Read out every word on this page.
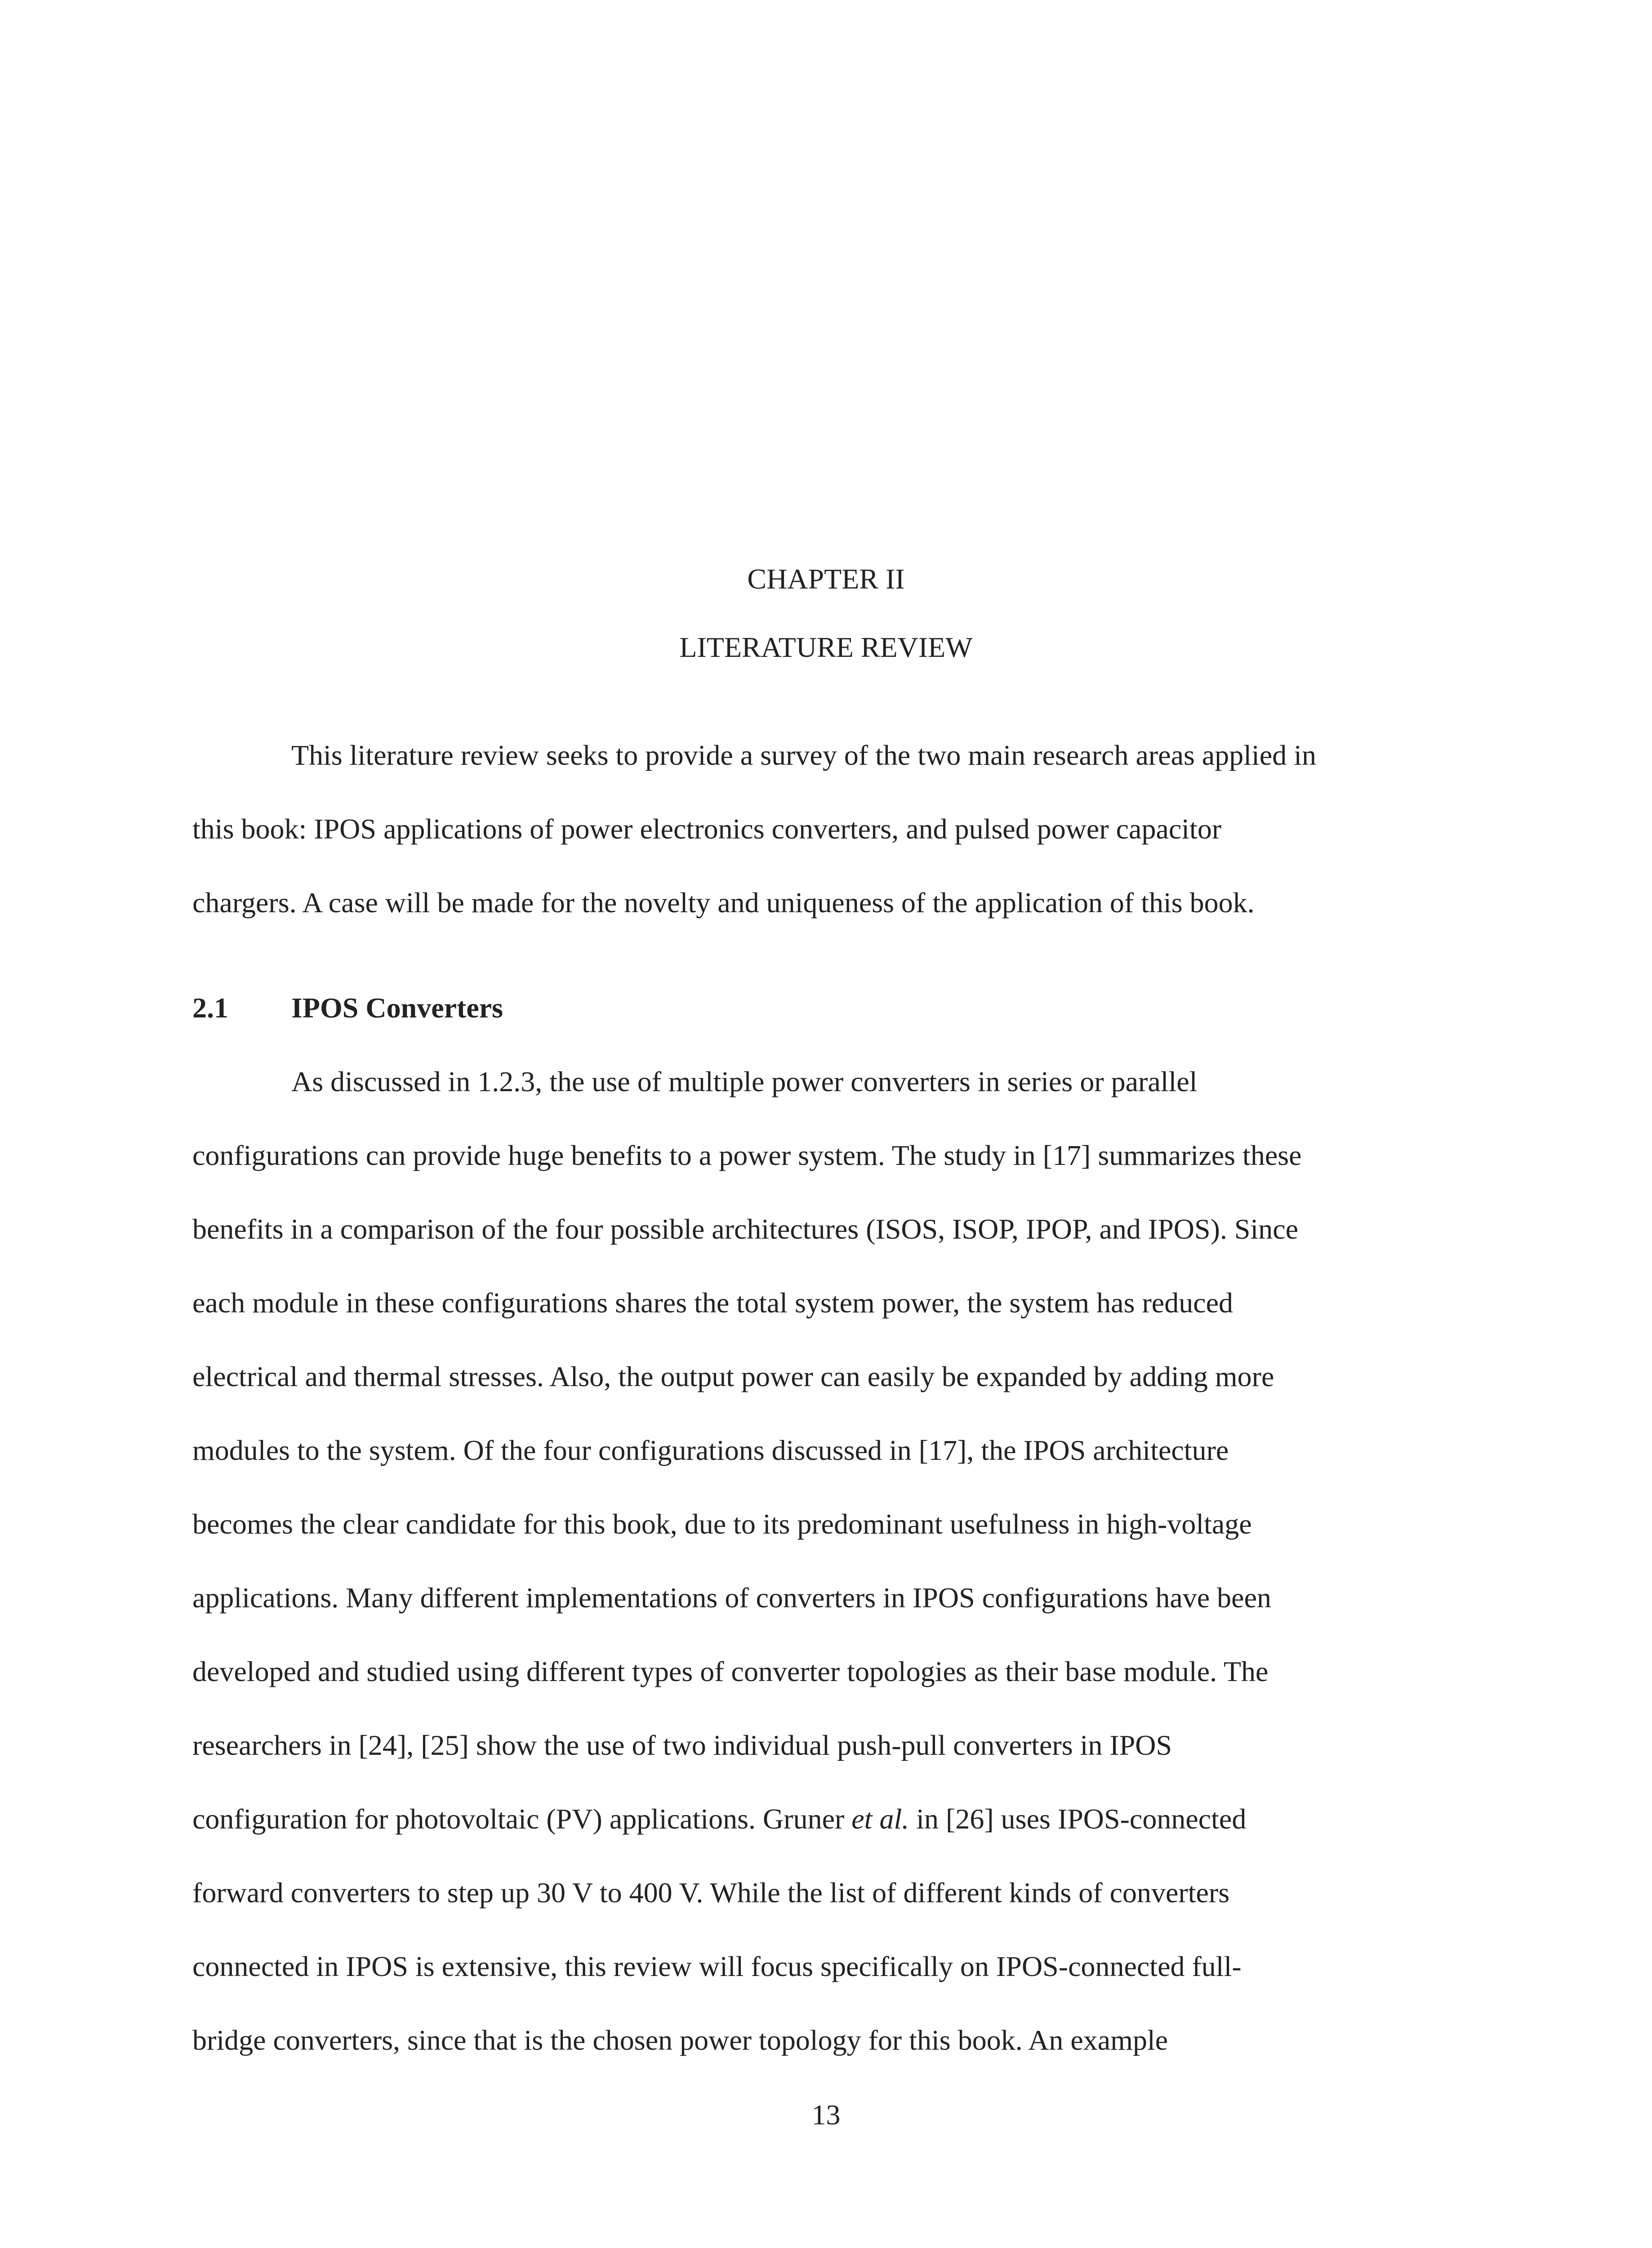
CHAPTER II
LITERATURE REVIEW
This literature review seeks to provide a survey of the two main research areas applied in
this book: IPOS applications of power electronics converters, and pulsed power capacitor
chargers. A case will be made for the novelty and uniqueness of the application of this book.
2.1 IPOS Converters
As discussed in 1.2.3, the use of multiple power converters in series or parallel
configurations can provide huge benefits to a power system. The study in [17] summarizes these
benefits in a comparison of the four possible architectures (ISOS, ISOP, IPOP, and IPOS). Since
each module in these configurations shares the total system power, the system has reduced
electrical and thermal stresses. Also, the output power can easily be expanded by adding more
modules to the system. Of the four configurations discussed in [17], the IPOS architecture
becomes the clear candidate for this book, due to its predominant usefulness in high-voltage
applications. Many different implementations of converters in IPOS configurations have been
developed and studied using different types of converter topologies as their base module. The
researchers in [24], [25] show the use of two individual push-pull converters in IPOS
configuration for photovoltaic (PV) applications. Gruner et al. in [26] uses IPOS-connected
forward converters to step up 30 V to 400 V. While the list of different kinds of converters
connected in IPOS is extensive, this review will focus specifically on IPOS-connected full-
bridge converters, since that is the chosen power topology for this book. An example
13
